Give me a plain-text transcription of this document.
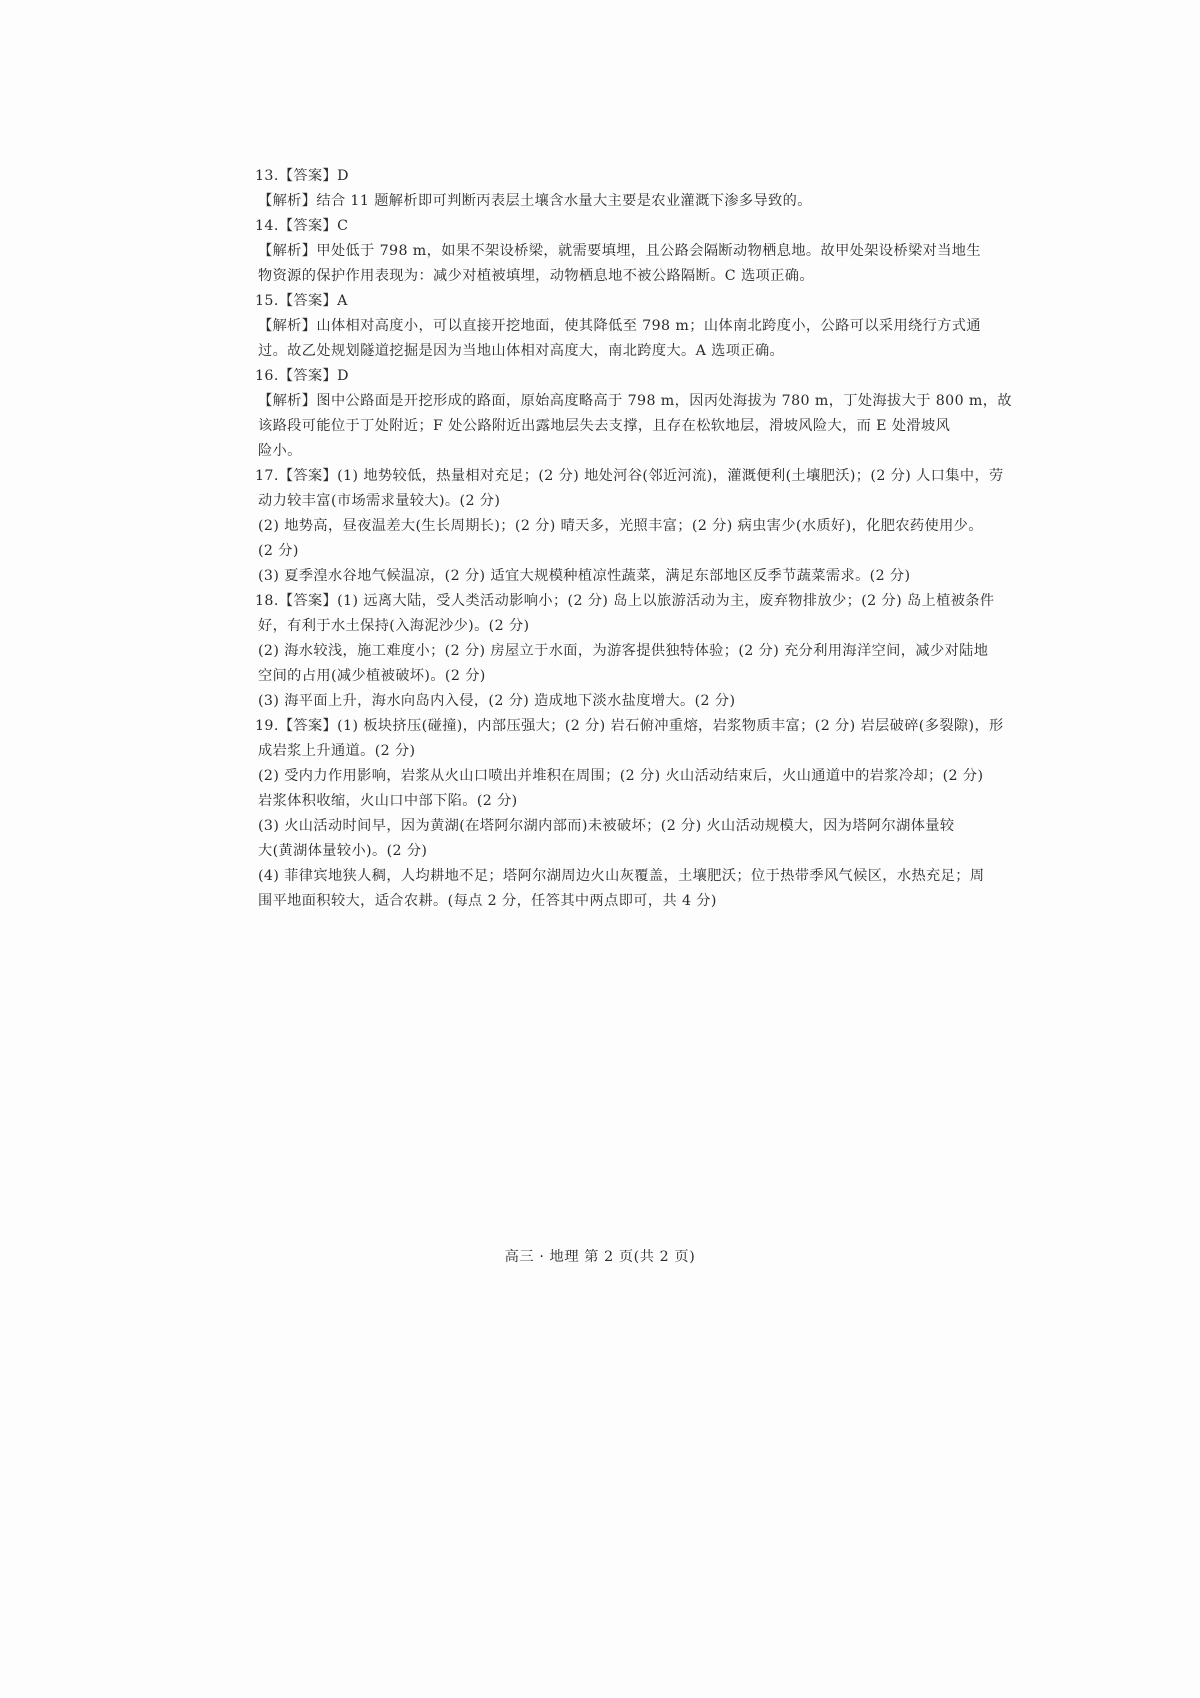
13.【答案】D
【解析】结合 11 题解析即可判断丙表层土壤含水量大主要是农业灌溉下渗多导致的。
14.【答案】C
【解析】甲处低于 798 m，如果不架设桥梁，就需要填埋，且公路会隔断动物栖息地。故甲处架设桥梁对当地生
物资源的保护作用表现为：减少对植被填埋，动物栖息地不被公路隔断。C 选项正确。
15.【答案】A
【解析】山体相对高度小，可以直接开挖地面，使其降低至 798 m；山体南北跨度小，公路可以采用绕行方式通
过。故乙处规划隧道挖掘是因为当地山体相对高度大，南北跨度大。A 选项正确。
16.【答案】D
【解析】图中公路面是开挖形成的路面，原始高度略高于 798 m，因丙处海拔为 780 m，丁处海拔大于 800 m，故
该路段可能位于丁处附近；F 处公路附近出露地层失去支撑，且存在松软地层，滑坡风险大，而 E 处滑坡风
险小。
17.【答案】(1) 地势较低，热量相对充足；(2 分) 地处河谷(邻近河流)，灌溉便利(土壤肥沃)；(2 分) 人口集中，劳
动力较丰富(市场需求量较大)。(2 分)
(2) 地势高，昼夜温差大(生长周期长)；(2 分) 晴天多，光照丰富；(2 分) 病虫害少(水质好)，化肥农药使用少。
(2 分)
(3) 夏季湟水谷地气候温凉，(2 分) 适宜大规模种植凉性蔬菜，满足东部地区反季节蔬菜需求。(2 分)
18.【答案】(1) 远离大陆，受人类活动影响小；(2 分) 岛上以旅游活动为主，废弃物排放少；(2 分) 岛上植被条件
好，有利于水土保持(入海泥沙少)。(2 分)
(2) 海水较浅，施工难度小；(2 分) 房屋立于水面，为游客提供独特体验；(2 分) 充分利用海洋空间，减少对陆地
空间的占用(减少植被破坏)。(2 分)
(3) 海平面上升，海水向岛内入侵，(2 分) 造成地下淡水盐度增大。(2 分)
19.【答案】(1) 板块挤压(碰撞)，内部压强大；(2 分) 岩石俯冲重熔，岩浆物质丰富；(2 分) 岩层破碎(多裂隙)，形
成岩浆上升通道。(2 分)
(2) 受内力作用影响，岩浆从火山口喷出并堆积在周围；(2 分) 火山活动结束后，火山通道中的岩浆冷却；(2 分)
岩浆体积收缩，火山口中部下陷。(2 分)
(3) 火山活动时间早，因为黄湖(在塔阿尔湖内部而)未被破坏；(2 分) 火山活动规模大，因为塔阿尔湖体量较
大(黄湖体量较小)。(2 分)
(4) 菲律宾地狭人稠，人均耕地不足；塔阿尔湖周边火山灰覆盖，土壤肥沃；位于热带季风气候区，水热充足；周
围平地面积较大，适合农耕。(每点 2 分，任答其中两点即可，共 4 分)
高三 · 地理 第 2 页(共 2 页)
